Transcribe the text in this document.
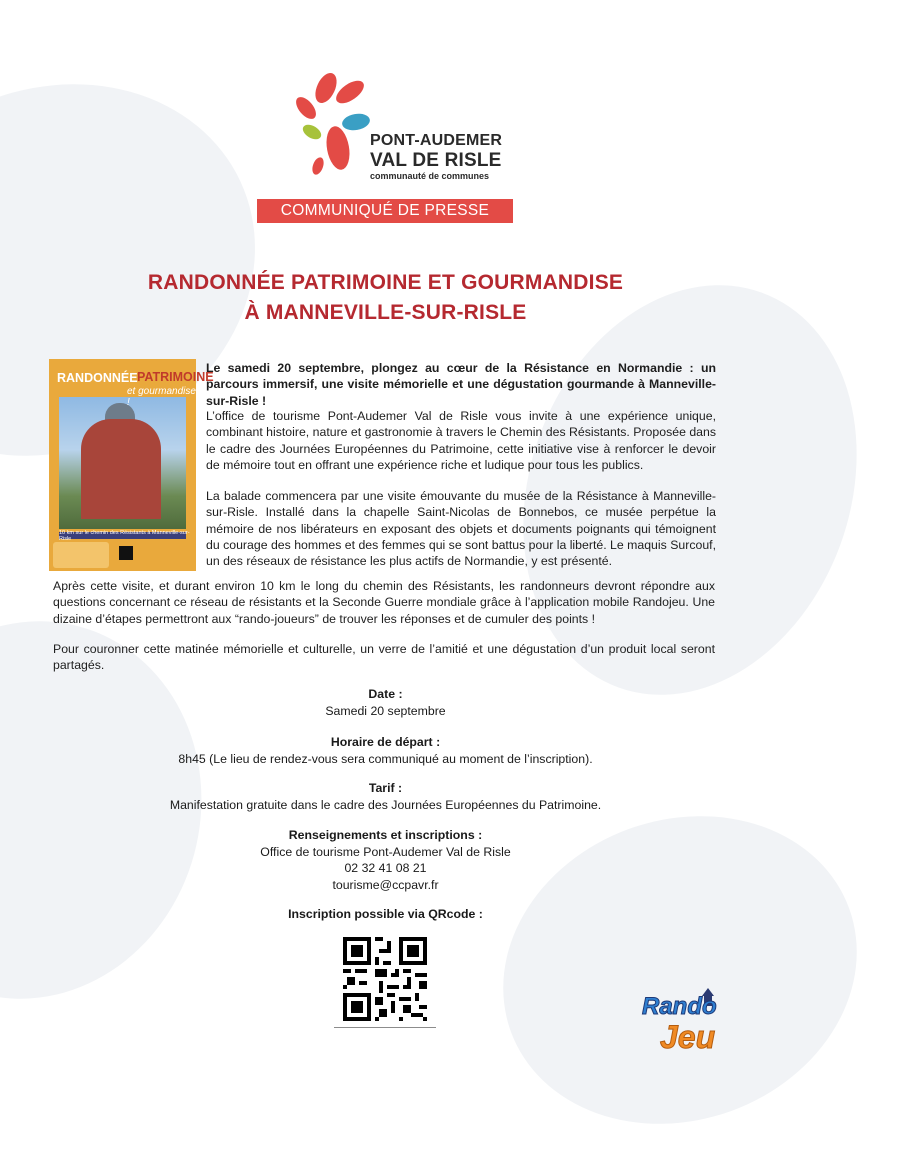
PONT-AUDEMER
VAL DE RISLE
communauté de communes
COMMUNIQUÉ DE PRESSE
RANDONNÉE PATRIMOINE ET GOURMANDISE
À MANNEVILLE-SUR-RISLE
RANDONNÉE PATRIMOINE
et gourmandise !
10 km sur le chemin des Résistants à Manneville-sur-Risle
Le samedi 20 septembre, plongez au cœur de la Résistance en Normandie : un parcours immersif, une visite mémorielle et une dégustation gourmande à Manneville-sur-Risle !
L’office de tourisme Pont-Audemer Val de Risle vous invite à une expérience unique, combinant histoire, nature et gastronomie à travers le Chemin des Résistants. Proposée dans le cadre des Journées Européennes du Patrimoine, cette initiative vise à renforcer le devoir de mémoire tout en offrant une expérience riche et ludique pour tous les publics.
La balade commencera par une visite émouvante du musée de la Résistance à Manneville-sur-Risle. Installé dans la chapelle Saint-Nicolas de Bonnebos, ce musée perpétue la mémoire de nos libérateurs en exposant des objets et documents poignants qui témoignent du courage des hommes et des femmes qui se sont battus pour la liberté. Le maquis Surcouf, un des réseaux de résistance les plus actifs de Normandie, y est présenté.
Après cette visite, et durant environ 10 km le long du chemin des Résistants, les randonneurs devront répondre aux questions concernant ce réseau de résistants et la Seconde Guerre mondiale grâce à l’application mobile Randojeu. Une dizaine d’étapes permettront aux “rando-joueurs” de trouver les réponses et de cumuler des points !
Pour couronner cette matinée mémorielle et culturelle, un verre de l’amitié et une dégustation d’un produit local seront partagés.
Date :
Samedi 20 septembre
Horaire de départ :
8h45 (Le lieu de rendez-vous sera communiqué au moment de l’inscription).
Tarif :
Manifestation gratuite dans le cadre des Journées Européennes du Patrimoine.
Renseignements et inscriptions :
Office de tourisme Pont-Audemer Val de Risle
02 32 41 08 21
tourisme@ccpavr.fr
Inscription possible via QRcode :
Rando
Jeu
